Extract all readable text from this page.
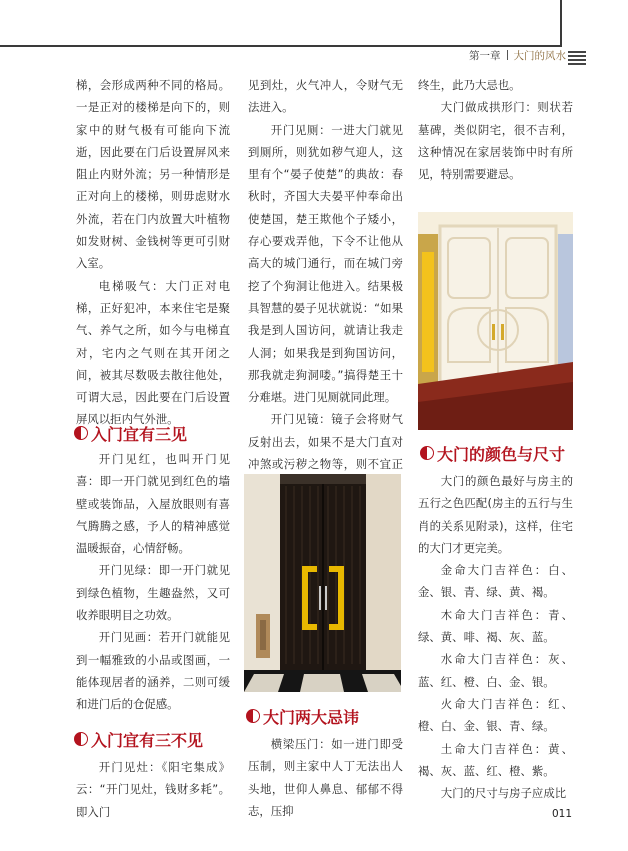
第一章 大门的风水

梯，会形成两种不同的格局。一是正对的楼梯是向下的，则家中的财气极有可能向下流逝，因此要在门后设置屏风来阻止内财外流；另一种情形是正对向上的楼梯，则毋虑财水外流，若在门内放置大叶植物如发财树、金钱树等更可引财入室。

电梯吸气：大门正对电梯，正好犯冲，本来住宅是聚气、养气之所，如今与电梯直对，宅内之气则在其开闭之间，被其尽数吸去散往他处，可谓大忌，因此要在门后设置屏风以拒内气外泄。

入门宜有三见

开门见红，也叫开门见喜：即一开门就见到红色的墙壁或装饰品，入屋放眼则有喜气腾腾之感，予人的精神感觉温暖振奋，心情舒畅。

开门见绿：即一开门就见到绿色植物，生趣盎然，又可收养眼明目之功效。

开门见画：若开门就能见到一幅雅致的小品或图画，一能体现居者的涵养，二则可缓和进门后的仓促感。

入门宜有三不见

开门见灶：《阳宅集成》云：“开门见灶，钱财多耗”。即入门

见到灶，火气冲人，令财气无法进入。

开门见厕：一进大门就见到厕所，则犹如秽气迎人，这里有个“晏子使楚”的典故：春秋时，齐国大夫晏平仲奉命出使楚国，楚王欺他个子矮小，存心要戏弄他，下令不让他从高大的城门通行，而在城门旁挖了个狗洞让他进入。结果极具智慧的晏子见状就说：“如果我是到人国访问，就请让我走人洞；如果我是到狗国访问，那我就走狗洞喽。”搞得楚王十分难堪。进门见厕就同此理。

开门见镜：镜子会将财气反射出去，如果不是大门直对冲煞或污秽之物等，则不宜正

大门两大忌讳

横梁压门：如一进门即受压制，则主家中人丁无法出人头地，世仰人鼻息、郁郁不得志，压抑

终生，此乃大忌也。

大门做成拱形门：则状若墓碑，类似阴宅，很不吉利，这种情况在家居装饰中时有所见，特别需要避忌。

大门的颜色与尺寸

大门的颜色最好与房主的五行之色匹配(房主的五行与生肖的关系见附录)，这样，住宅的大门才更完美。

金命大门吉祥色：白、金、银、青、绿、黄、褐。

木命大门吉祥色：青、绿、黄、啡、褐、灰、蓝。

水命大门吉祥色：灰、蓝、红、橙、白、金、银。

火命大门吉祥色：红、橙、白、金、银、青、绿。

土命大门吉祥色：黄、褐、灰、蓝、红、橙、紫。

大门的尺寸与房子应成比

011
